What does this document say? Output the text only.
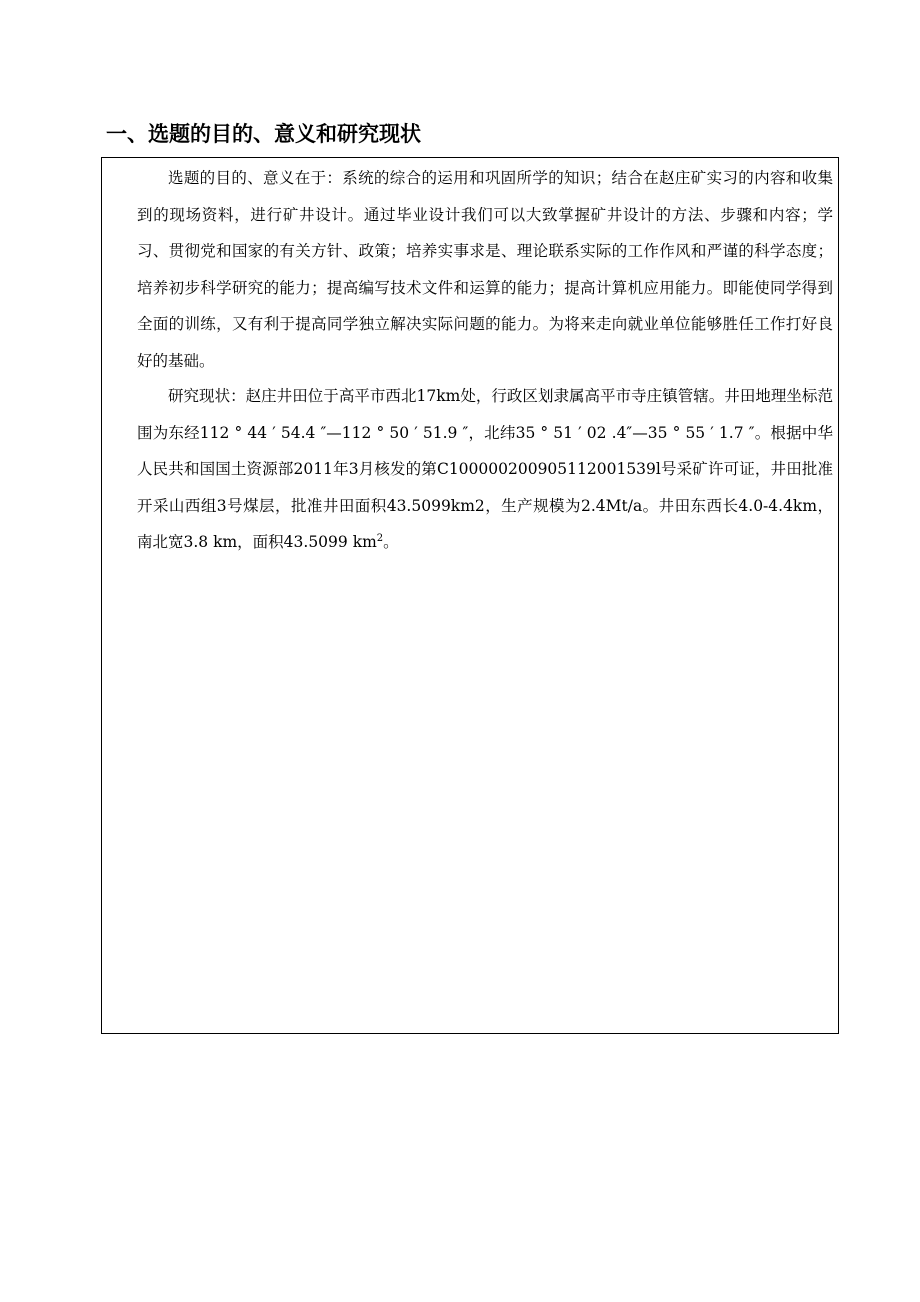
一、选题的目的、意义和研究现状

选题的目的、意义在于：系统的综合的运用和巩固所学的知识；结合在赵庄矿实习的内容和收集到的现场资料，进行矿井设计。通过毕业设计我们可以大致掌握矿井设计的方法、步骤和内容；学习、贯彻党和国家的有关方针、政策；培养实事求是、理论联系实际的工作作风和严谨的科学态度；培养初步科学研究的能力；提高编写技术文件和运算的能力；提高计算机应用能力。即能使同学得到全面的训练，又有利于提高同学独立解决实际问题的能力。为将来走向就业单位能够胜任工作打好良好的基础。

研究现状：赵庄井田位于高平市西北17km处，行政区划隶属高平市寺庄镇管辖。井田地理坐标范围为东经112 ° 44 ′ 54.4 ″—112 ° 50 ′ 51.9 ″，北纬35 ° 51 ′ 02 .4″—35 ° 55 ′ 1.7 ″。根据中华人民共和国国土资源部2011年3月核发的第C100000200905112001539l号采矿许可证，井田批准开采山西组3号煤层，批准井田面积43.5099km2，生产规模为2.4Mt/a。井田东西长4.0-4.4km，南北宽3.8 km，面积43.5099 $km^2$。
